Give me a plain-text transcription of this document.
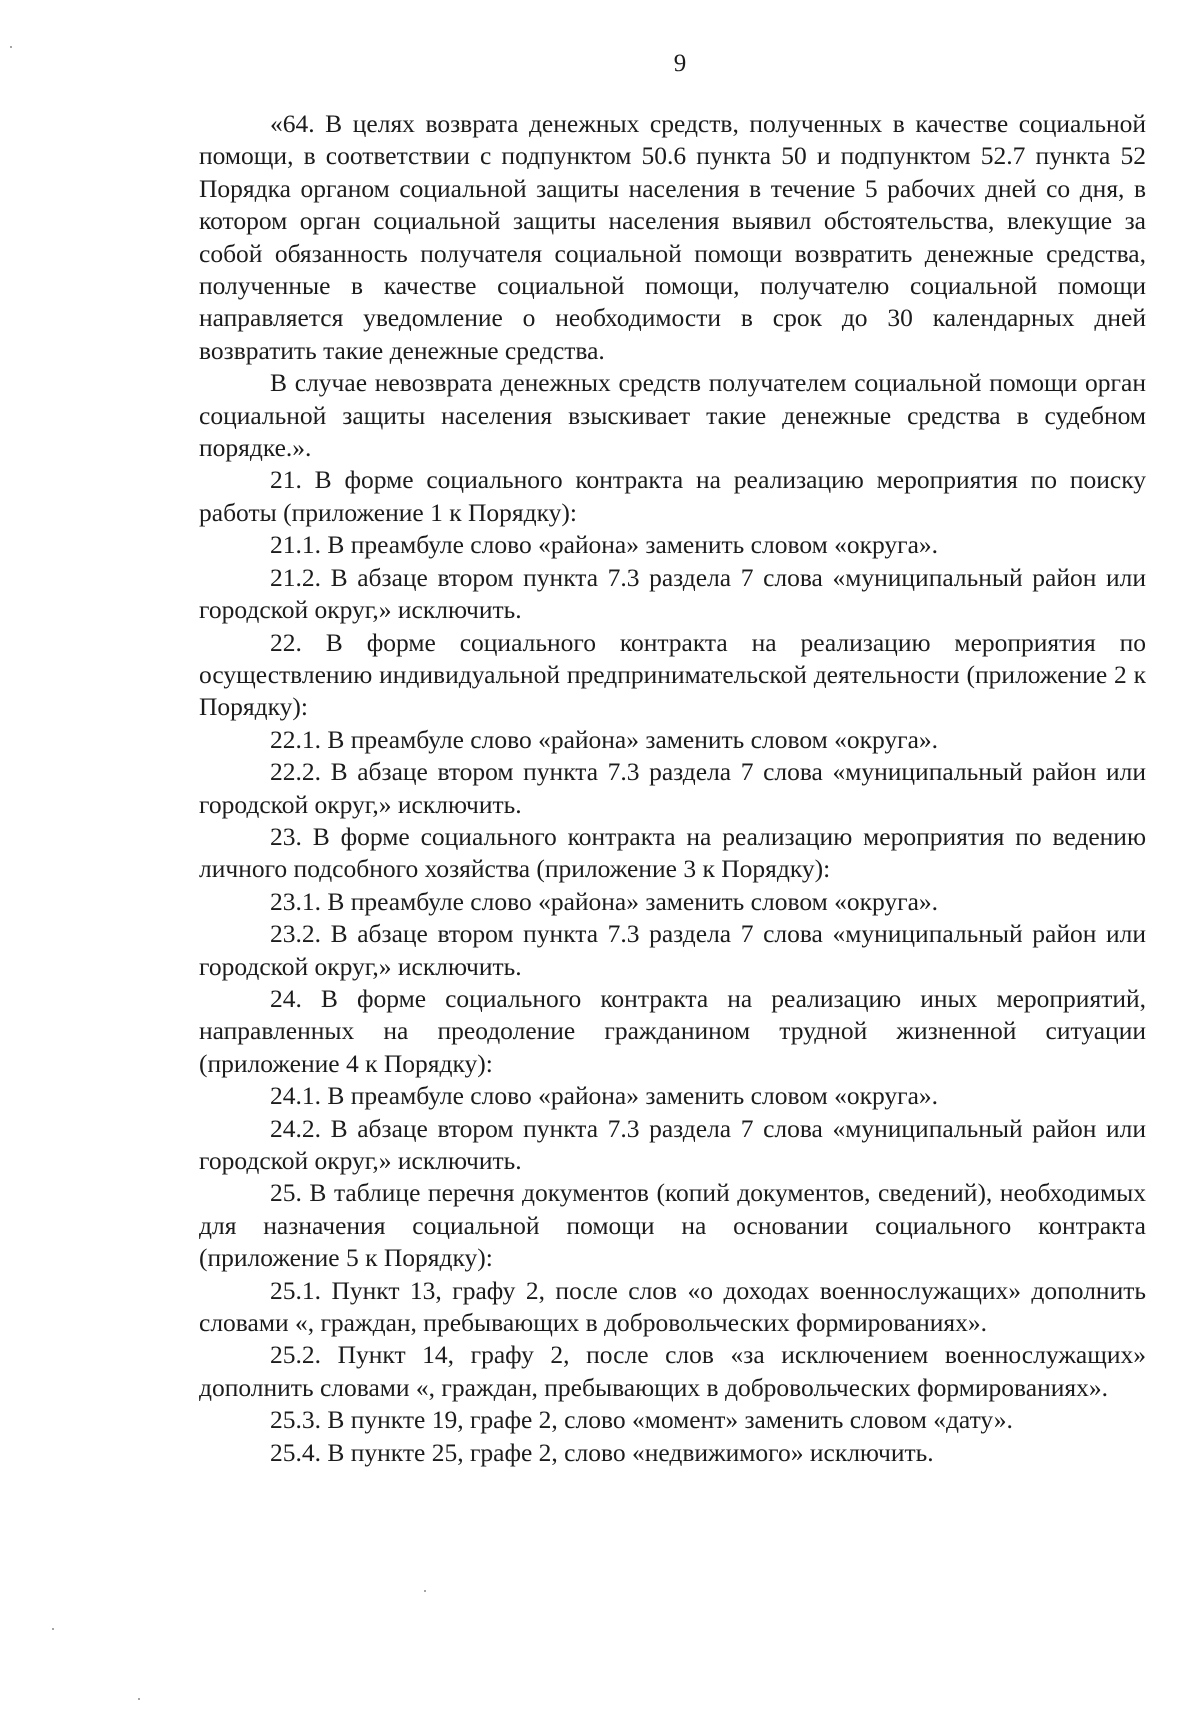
9

«64. В целях возврата денежных средств, полученных в качестве социальной помощи, в соответствии с подпунктом 50.6 пункта 50 и подпунктом 52.7 пункта 52 Порядка органом социальной защиты населения в течение 5 рабочих дней со дня, в котором орган социальной защиты населения выявил обстоятельства, влекущие за собой обязанность получателя социальной помощи возвратить денежные средства, полученные в качестве социальной помощи, получателю социальной помощи направляется уведомление о необходимости в срок до 30 календарных дней возвратить такие денежные средства.

В случае невозврата денежных средств получателем социальной помощи орган социальной защиты населения взыскивает такие денежные средства в судебном порядке.».

21. В форме социального контракта на реализацию мероприятия по поиску работы (приложение 1 к Порядку):

21.1. В преамбуле слово «района» заменить словом «округа».

21.2. В абзаце втором пункта 7.3 раздела 7 слова «муниципальный район или городской округ,» исключить.

22. В форме социального контракта на реализацию мероприятия по осуществлению индивидуальной предпринимательской деятельности (приложение 2 к Порядку):

22.1. В преамбуле слово «района» заменить словом «округа».

22.2. В абзаце втором пункта 7.3 раздела 7 слова «муниципальный район или городской округ,» исключить.

23. В форме социального контракта на реализацию мероприятия по ведению личного подсобного хозяйства (приложение 3 к Порядку):

23.1. В преамбуле слово «района» заменить словом «округа».

23.2. В абзаце втором пункта 7.3 раздела 7 слова «муниципальный район или городской округ,» исключить.

24. В форме социального контракта на реализацию иных мероприятий, направленных на преодоление гражданином трудной жизненной ситуации (приложение 4 к Порядку):

24.1. В преамбуле слово «района» заменить словом «округа».

24.2. В абзаце втором пункта 7.3 раздела 7 слова «муниципальный район или городской округ,» исключить.

25. В таблице перечня документов (копий документов, сведений), необходимых для назначения социальной помощи на основании социального контракта (приложение 5 к Порядку):

25.1. Пункт 13, графу 2, после слов «о доходах военнослужащих» дополнить словами «, граждан, пребывающих в добровольческих формированиях».

25.2. Пункт 14, графу 2, после слов «за исключением военнослужащих» дополнить словами «, граждан, пребывающих в добровольческих формированиях».

25.3. В пункте 19, графе 2, слово «момент» заменить словом «дату».

25.4. В пункте 25, графе 2, слово «недвижимого» исключить.
